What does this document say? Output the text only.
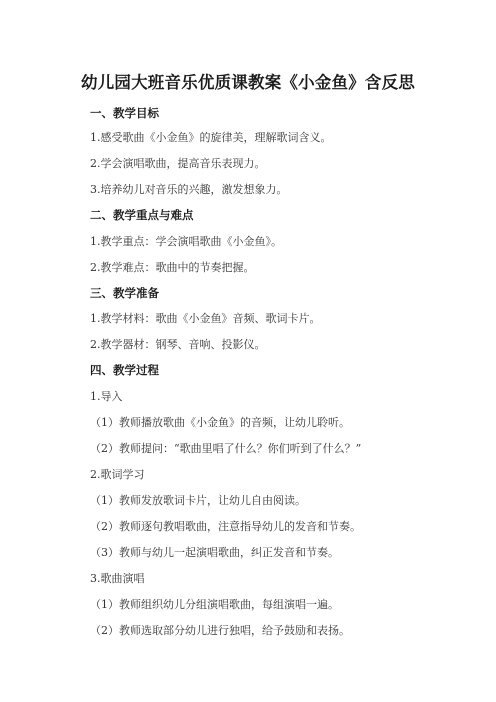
幼儿园大班音乐优质课教案《小金鱼》含反思
一、教学目标
1.感受歌曲《小金鱼》的旋律美，理解歌词含义。
2.学会演唱歌曲，提高音乐表现力。
3.培养幼儿对音乐的兴趣，激发想象力。
二、教学重点与难点
1.教学重点：学会演唱歌曲《小金鱼》。
2.教学难点：歌曲中的节奏把握。
三、教学准备
1.教学材料：歌曲《小金鱼》音频、歌词卡片。
2.教学器材：钢琴、音响、投影仪。
四、教学过程
1.导入
（1）教师播放歌曲《小金鱼》的音频，让幼儿聆听。
（2）教师提问：“歌曲里唱了什么？你们听到了什么？”
2.歌词学习
（1）教师发放歌词卡片，让幼儿自由阅读。
（2）教师逐句教唱歌曲，注意指导幼儿的发音和节奏。
（3）教师与幼儿一起演唱歌曲，纠正发音和节奏。
3.歌曲演唱
（1）教师组织幼儿分组演唱歌曲，每组演唱一遍。
（2）教师选取部分幼儿进行独唱，给予鼓励和表扬。
